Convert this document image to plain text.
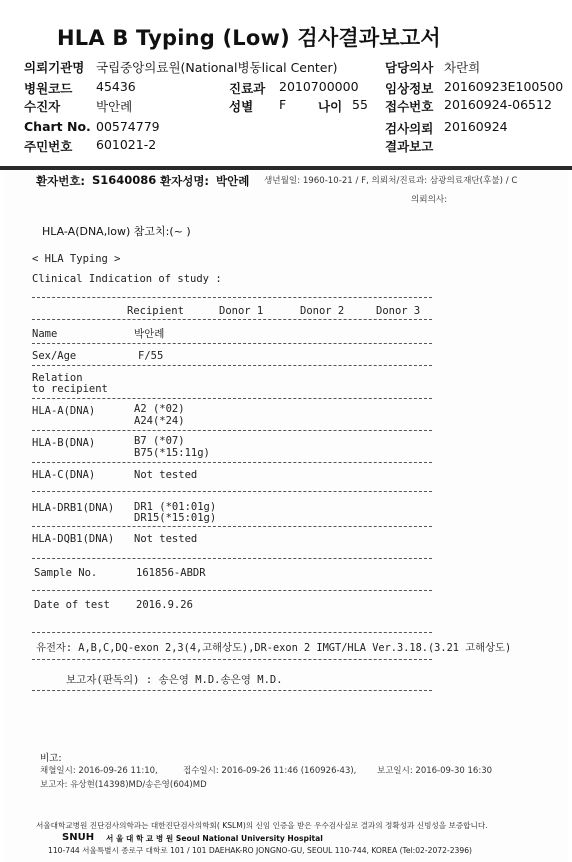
HLA B Typing (Low) 검사결과보고서
의뢰기관명 국립중앙의료원(National병동lical Center)	담당의사 차란희
병원코드 45436	진료과 2010700000 임상정보 20160923E100500
수진자	박안례	성별 F	나이 55 접수번호 20160924-06512
Chart No. 00574779	검사의뢰 20160924
주민번호 601021-2	결과보고
환자번호: S1640086 환자성명: 박안례 생년월일: 1960-10-21 / F, 의뢰처/진료과: 삼광의료재단(후불) / C
의뢰의사:
HLA-A(DNA,low) 참고치:(~ )
< HLA Typing >
Clinical Indication of study :
Recipient	Donor 1	Donor 2	Donor 3
Name	박안례
Sex/Age	F/55
Relation
to recipient
HLA-A(DNA)	A2 (*02)
A24(*24)
HLA-B(DNA)	B7 (*07)
B75(*15:11g)
HLA-C(DNA)	Not tested
HLA-DRB1(DNA) DR1 (*01:01g)
DR15(*15:01g)
HLA-DQB1(DNA) Not tested
Sample No.	161856-ABDR
Date of test 2016.9.26
유전자: A,B,C,DQ-exon 2,3(4,고해상도),DR-exon 2 IMGT/HLA Ver.3.18.(3.21 고해상도)
보고자(판독의) : 송은영 M.D.송은영 M.D.
비고:
채혈일시: 2016-09-26 11:10,	접수일시: 2016-09-26 11:46 (160926-43), 보고일시: 2016-09-30 16:30
보고자: 유상현(14398)MD/송은영(604)MD
서울대학교병원 진단검사의학과는 대한진단검사의학회( KSLM)의 신임 인증을 받은 우수검사실로 결과의 정확성과 신빙성을 보증합니다.
SNUH 서 울 대 학 교 병 원 Seoul National University Hospital
110-744 서울특별시 종로구 대학로 101 / 101 DAEHAK-RO JONGNO-GU, SEOUL 110-744, KOREA (Tel:02-2072-2396)
